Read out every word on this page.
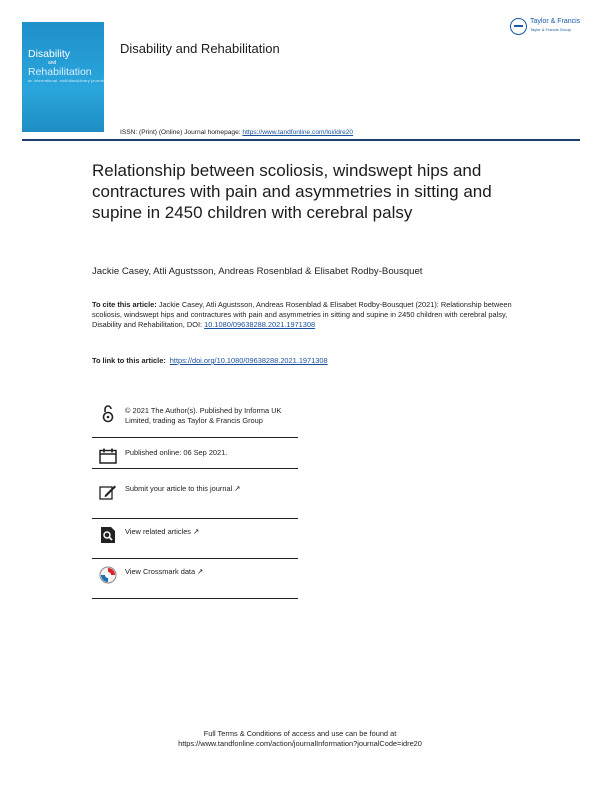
Disability
and
Rehabilitation
an international, multidisciplinary journal
Disability and Rehabilitation
Taylor & Francis
Taylor & Francis Group
ISSN: (Print) (Online) Journal homepage: https://www.tandfonline.com/loi/idre20
Relationship between scoliosis, windswept hips and contractures with pain and asymmetries in sitting and supine in 2450 children with cerebral palsy
Jackie Casey, Atli Agustsson, Andreas Rosenblad & Elisabet Rodby-Bousquet
To cite this article: Jackie Casey, Atli Agustsson, Andreas Rosenblad & Elisabet Rodby-Bousquet (2021): Relationship between scoliosis, windswept hips and contractures with pain and asymmetries in sitting and supine in 2450 children with cerebral palsy, Disability and Rehabilitation, DOI: 10.1080/09638288.2021.1971308
To link to this article: https://doi.org/10.1080/09638288.2021.1971308
© 2021 The Author(s). Published by Informa UK Limited, trading as Taylor & Francis Group
Published online: 06 Sep 2021.
Submit your article to this journal ↗
View related articles ↗
View Crossmark data ↗
Full Terms & Conditions of access and use can be found at
https://www.tandfonline.com/action/journalInformation?journalCode=idre20
